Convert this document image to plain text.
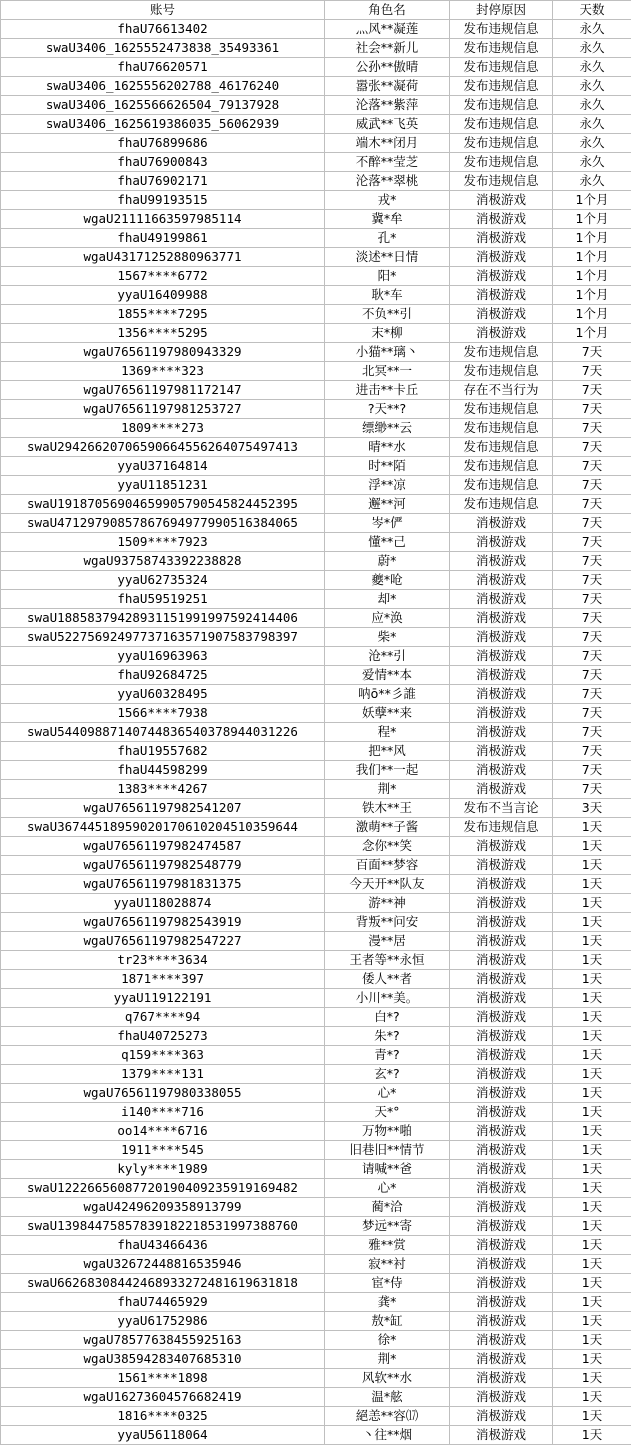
账号	角色名	封停原因	天数
fhaU76613402	灬风**凝莲	发布违规信息	永久
swaU3406_1625552473838_35493361	社会**新儿	发布违规信息	永久
fhaU76620571	公孙**傲晴	发布违规信息	永久
swaU3406_1625556202788_46176240	嚣张**凝荷	发布违规信息	永久
swaU3406_1625566626504_79137928	沦落**紫萍	发布违规信息	永久
swaU3406_1625619386035_56062939	威武**飞英	发布违规信息	永久
fhaU76899686	端木**闭月	发布违规信息	永久
fhaU76900843	不醉**莹芝	发布违规信息	永久
fhaU76902171	沦落**翠桃	发布违规信息	永久
fhaU99193515	戎*	消极游戏	1个月
wgaU21111663597985114	冀*牟	消极游戏	1个月
fhaU49199861	孔*	消极游戏	1个月
wgaU43171252880963771	淡述**日情	消极游戏	1个月
1567****6772	阳*	消极游戏	1个月
yyaU16409988	耿*车	消极游戏	1个月
1855****7295	不负**引	消极游戏	1个月
1356****5295	末*柳	消极游戏	1个月
wgaU76561197980943329	小猫**璃丶	发布违规信息	7天
1369****323	北冥**一	发布违规信息	7天
wgaU76561197981172147	进击**卡丘	存在不当行为	7天
wgaU76561197981253727	?天**?	发布违规信息	7天
1809****273	缥缈**云	发布违规信息	7天
swaU29426620706590664556264075497413	晴**水	发布违规信息	7天
yyaU37164814	时**陌	发布违规信息	7天
yyaU11851231	浮**凉	发布违规信息	7天
swaU19187056904659905790545824452395	邂**河	发布违规信息	7天
swaU47129790857867694977990516384065	岑*俨	消极游戏	7天
1509****7923	懂**己	消极游戏	7天
wgaU93758743392238828	蔚*	消极游戏	7天
yyaU62735324	夔*呛	消极游戏	7天
fhaU59519251	却*	消极游戏	7天
swaU18858379428931151991997592414406	应*涣	消极游戏	7天
swaU52275692497737163571907583798397	柴*	消极游戏	7天
yyaU16963963	沧**引	消极游戏	7天
fhaU92684725	爱情**本	消极游戏	7天
yyaU60328495	呐ō**彡誰	消极游戏	7天
1566****7938	妖孽**来	消极游戏	7天
swaU54409887140744836540378944031226	程*	消极游戏	7天
fhaU19557682	把**风	消极游戏	7天
fhaU44598299	我们**一起	消极游戏	7天
1383****4267	荆*	消极游戏	7天
wgaU76561197982541207	铁木**王	发布不当言论	3天
swaU36744518959020170610204510359644	激萌**子酱	发布违规信息	1天
wgaU76561197982474587	念你**笑	消极游戏	1天
wgaU76561197982548779	百面**梦容	消极游戏	1天
wgaU76561197981831375	今天开**队友	消极游戏	1天
yyaU118028874	游**神	消极游戏	1天
wgaU76561197982543919	背叛**问安	消极游戏	1天
wgaU76561197982547227	漫**居	消极游戏	1天
tr23****3634	王者等**永恒	消极游戏	1天
1871****397	倭人**者	消极游戏	1天
yyaU119122191	小川**美。	消极游戏	1天
q767****94	白*?	消极游戏	1天
fhaU40725273	朱*?	消极游戏	1天
q159****363	青*?	消极游戏	1天
1379****131	玄*?	消极游戏	1天
wgaU76561197980338055	心*	消极游戏	1天
i140****716	天*°	消极游戏	1天
oo14****6716	万物**啪	消极游戏	1天
1911****545	旧巷旧**情节	消极游戏	1天
kyly****1989	请喊**爸	消极游戏	1天
swaU12226656087720190409235919169482	心*	消极游戏	1天
wgaU42496209358913799	蔺*洽	消极游戏	1天
swaU13984475857839182218531997388760	梦远**寄	消极游戏	1天
fhaU43466436	雅**赏	消极游戏	1天
wgaU32672448816535946	寂**衬	消极游戏	1天
swaU66268308442468933272481619631818	宦*侍	消极游戏	1天
fhaU74465929	龚*	消极游戏	1天
yyaU61752986	敖*缸	消极游戏	1天
wgaU78577638455925163	徐*	消极游戏	1天
wgaU38594283407685310	荆*	消极游戏	1天
1561****1898	风软**水	消极游戏	1天
wgaU16273604576682419	温*舷	消极游戏	1天
1816****0325	絕恙**容⒄	消极游戏	1天
yyaU56118064	丶往**烟	消极游戏	1天
